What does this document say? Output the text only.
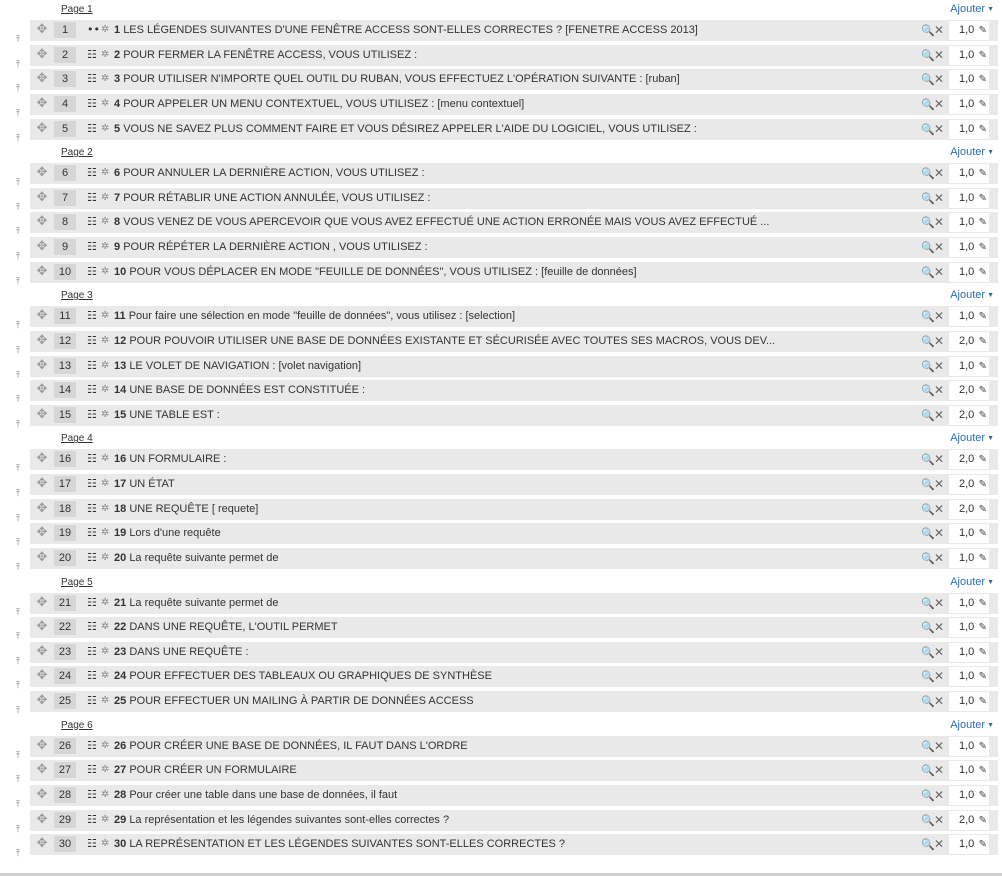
⤒
⤒
⤒
⤒
⤒
⤒
⤒
⤒
⤒
⤒
⤒
⤒
⤒
⤒
⤒
⤒
⤒
⤒
⤒
⤒
⤒
⤒
⤒
⤒
⤒
⤒
⤒
⤒
⤒
⤒
Page 1	Ajouter ▼
✥	1	•• ✲ 1 LES LÉGENDES SUIVANTES D'UNE FENÊTRE ACCESS SONT-ELLES CORRECTES ? [FENETRE ACCESS 2013]	🔍 ✕	1,0 ✎
✥	2	☷ ✲ 2 POUR FERMER LA FENÊTRE ACCESS, VOUS UTILISEZ :	🔍 ✕	1,0 ✎
✥	3	☷ ✲ 3 POUR UTILISER N'IMPORTE QUEL OUTIL DU RUBAN, VOUS EFFECTUEZ L'OPÉRATION SUIVANTE : [ruban]	🔍 ✕	1,0 ✎
✥	4	☷ ✲ 4 POUR APPELER UN MENU CONTEXTUEL, VOUS UTILISEZ : [menu contextuel]	🔍 ✕	1,0 ✎
✥	5	☷ ✲ 5 VOUS NE SAVEZ PLUS COMMENT FAIRE ET VOUS DÉSIREZ APPELER L'AIDE DU LOGICIEL, VOUS UTILISEZ :	🔍 ✕	1,0 ✎
Page 2	Ajouter ▼
✥	6	☷ ✲ 6 POUR ANNULER LA DERNIÈRE ACTION, VOUS UTILISEZ :	🔍 ✕	1,0 ✎
✥	7	☷ ✲ 7 POUR RÉTABLIR UNE ACTION ANNULÉE, VOUS UTILISEZ :	🔍 ✕	1,0 ✎
✥	8	☷ ✲ 8 VOUS VENEZ DE VOUS APERCEVOIR QUE VOUS AVEZ EFFECTUÉ UNE ACTION ERRONÉE MAIS VOUS AVEZ EFFECTUÉ ...	🔍 ✕	1,0 ✎
✥	9	☷ ✲ 9 POUR RÉPÉTER LA DERNIÈRE ACTION , VOUS UTILISEZ :	🔍 ✕	1,0 ✎
✥	10	☷ ✲ 10 POUR VOUS DÉPLACER EN MODE "FEUILLE DE DONNÉES", VOUS UTILISEZ : [feuille de données]	🔍 ✕	1,0 ✎
Page 3	Ajouter ▼
✥	11	☷ ✲ 11 Pour faire une sélection en mode "feuille de données", vous utilisez : [selection]	🔍 ✕	1,0 ✎
✥	12	☷ ✲ 12 POUR POUVOIR UTILISER UNE BASE DE DONNÉES EXISTANTE ET SÉCURISÉE AVEC TOUTES SES MACROS, VOUS DEV...	🔍 ✕	2,0 ✎
✥	13	☷ ✲ 13 LE VOLET DE NAVIGATION : [volet navigation]	🔍 ✕	1,0 ✎
✥	14	☷ ✲ 14 UNE BASE DE DONNÉES EST CONSTITUÉE :	🔍 ✕	2,0 ✎
✥	15	☷ ✲ 15 UNE TABLE EST :	🔍 ✕	2,0 ✎
Page 4	Ajouter ▼
✥	16	☷ ✲ 16 UN FORMULAIRE :	🔍 ✕	2,0 ✎
✥	17	☷ ✲ 17 UN ÉTAT	🔍 ✕	2,0 ✎
✥	18	☷ ✲ 18 UNE REQUÊTE [ requete]	🔍 ✕	2,0 ✎
✥	19	☷ ✲ 19 Lors d'une requête	🔍 ✕	1,0 ✎
✥	20	☷ ✲ 20 La requête suivante permet de	🔍 ✕	1,0 ✎
Page 5	Ajouter ▼
✥	21	☷ ✲ 21 La requête suivante permet de	🔍 ✕	1,0 ✎
✥	22	☷ ✲ 22 DANS UNE REQUÊTE, L'OUTIL PERMET	🔍 ✕	1,0 ✎
✥	23	☷ ✲ 23 DANS UNE REQUÊTE :	🔍 ✕	1,0 ✎
✥	24	☷ ✲ 24 POUR EFFECTUER DES TABLEAUX OU GRAPHIQUES DE SYNTHÈSE	🔍 ✕	1,0 ✎
✥	25	☷ ✲ 25 POUR EFFECTUER UN MAILING À PARTIR DE DONNÉES ACCESS	🔍 ✕	1,0 ✎
Page 6	Ajouter ▼
✥	26	☷ ✲ 26 POUR CRÉER UNE BASE DE DONNÉES, IL FAUT DANS L'ORDRE	🔍 ✕	1,0 ✎
✥	27	☷ ✲ 27 POUR CRÉER UN FORMULAIRE	🔍 ✕	1,0 ✎
✥	28	☷ ✲ 28 Pour créer une table dans une base de données, il faut	🔍 ✕	1,0 ✎
✥	29	☷ ✲ 29 La représentation et les légendes suivantes sont-elles correctes ?	🔍 ✕	2,0 ✎
✥	30	☷ ✲ 30 LA REPRÉSENTATION ET LES LÉGENDES SUIVANTES SONT-ELLES CORRECTES ?	🔍 ✕	1,0 ✎
